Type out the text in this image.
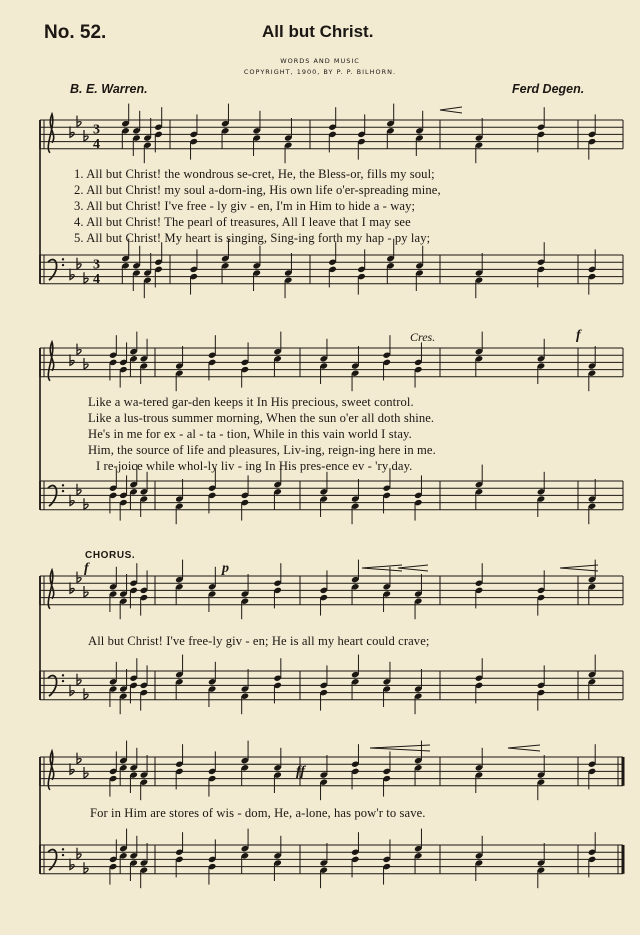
No. 52.	All but Christ.
WORDS AND MUSIC
COPYRIGHT, 1900, BY P. P. BILHORN.
B. E. Warren.	Ferd Degen.
3
4
3
4
1. All but Christ! the wondrous se-cret, He, the Bless-or, fills my soul;
2. All but Christ! my soul a-dorn-ing, His own life o'er-spreading mine,
3. All but Christ! I've free - ly giv - en, I'm in Him to hide a - way;
4. All but Christ! The pearl of treasures, All I leave that I may see
5. All but Christ! My heart is singing, Sing-ing forth my hap - py lay;
Cres.	f
Like a wa-tered gar-den keeps it In His precious, sweet control.
Like a lus-trous summer morning, When the sun o'er all doth shine.
He's in me for ex - al - ta - tion, While in this vain world I stay.
Him, the source of life and pleasures, Liv-ing, reign-ing here in me.
I re-joice while whol-ly liv - ing In His pres-ence ev - 'ry day.
CHORUS.
f	p
All but Christ! I've free-ly giv - en; He is all my heart could crave;
ff
For in Him are stores of wis - dom, He, a-lone, has pow'r to save.
